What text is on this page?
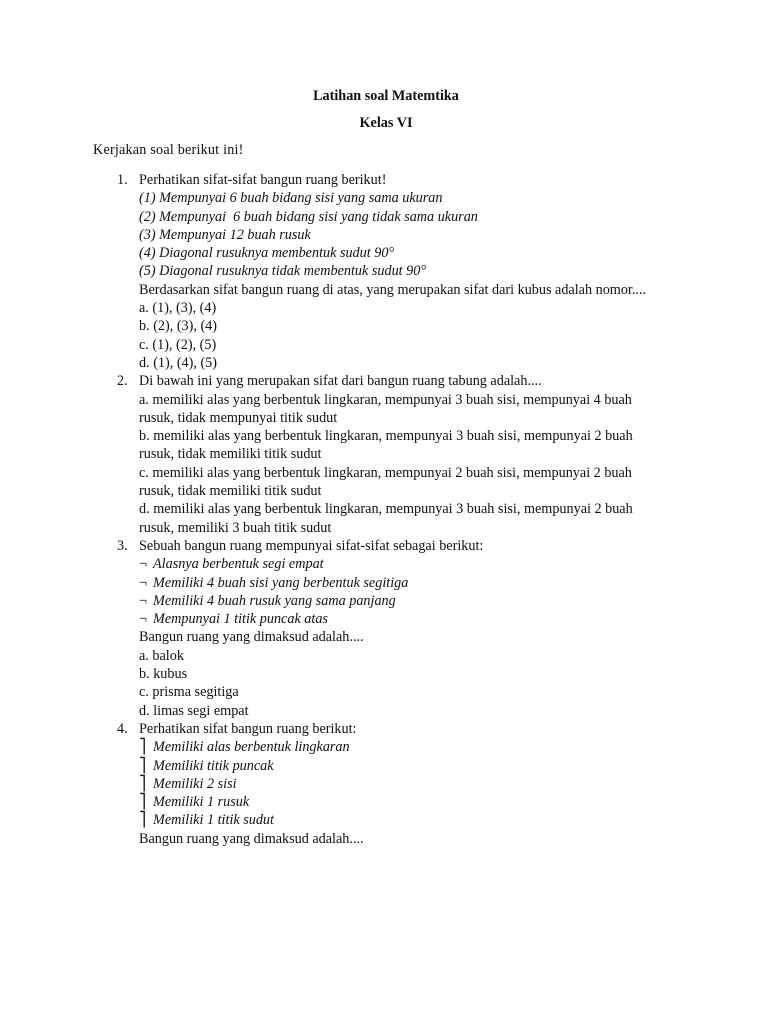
Latihan soal Matemtika
Kelas VI
Kerjakan soal berikut ini!
1. Perhatikan sifat-sifat bangun ruang berikut!
(1) Mempunyai 6 buah bidang sisi yang sama ukuran
(2) Mempunyai  6 buah bidang sisi yang tidak sama ukuran
(3) Mempunyai 12 buah rusuk
(4) Diagonal rusuknya membentuk sudut 90°
(5) Diagonal rusuknya tidak membentuk sudut 90°
Berdasarkan sifat bangun ruang di atas, yang merupakan sifat dari kubus adalah nomor....
a. (1), (3), (4)
b. (2), (3), (4)
c. (1), (2), (5)
d. (1), (4), (5)
2. Di bawah ini yang merupakan sifat dari bangun ruang tabung adalah....
a. memiliki alas yang berbentuk lingkaran, mempunyai 3 buah sisi, mempunyai 4 buah rusuk, tidak mempunyai titik sudut
b. memiliki alas yang berbentuk lingkaran, mempunyai 3 buah sisi, mempunyai 2 buah rusuk, tidak memiliki titik sudut
c. memiliki alas yang berbentuk lingkaran, mempunyai 2 buah sisi, mempunyai 2 buah rusuk, tidak memiliki titik sudut
d. memiliki alas yang berbentuk lingkaran, mempunyai 3 buah sisi, mempunyai 2 buah rusuk, memiliki 3 buah titik sudut
3. Sebuah bangun ruang mempunyai sifat-sifat sebagai berikut:
¬ Alasnya berbentuk segi empat
¬ Memiliki 4 buah sisi yang berbentuk segitiga
¬ Memiliki 4 buah rusuk yang sama panjang
¬ Mempunyai 1 titik puncak atas
Bangun ruang yang dimaksud adalah....
a. balok
b. kubus
c. prisma segitiga
d. limas segi empat
4. Perhatikan sifat bangun ruang berikut:
⎤ Memiliki alas berbentuk lingkaran
⎤ Memiliki titik puncak
⎤ Memiliki 2 sisi
⎤ Memiliki 1 rusuk
⎤ Memiliki 1 titik sudut
Bangun ruang yang dimaksud adalah....
